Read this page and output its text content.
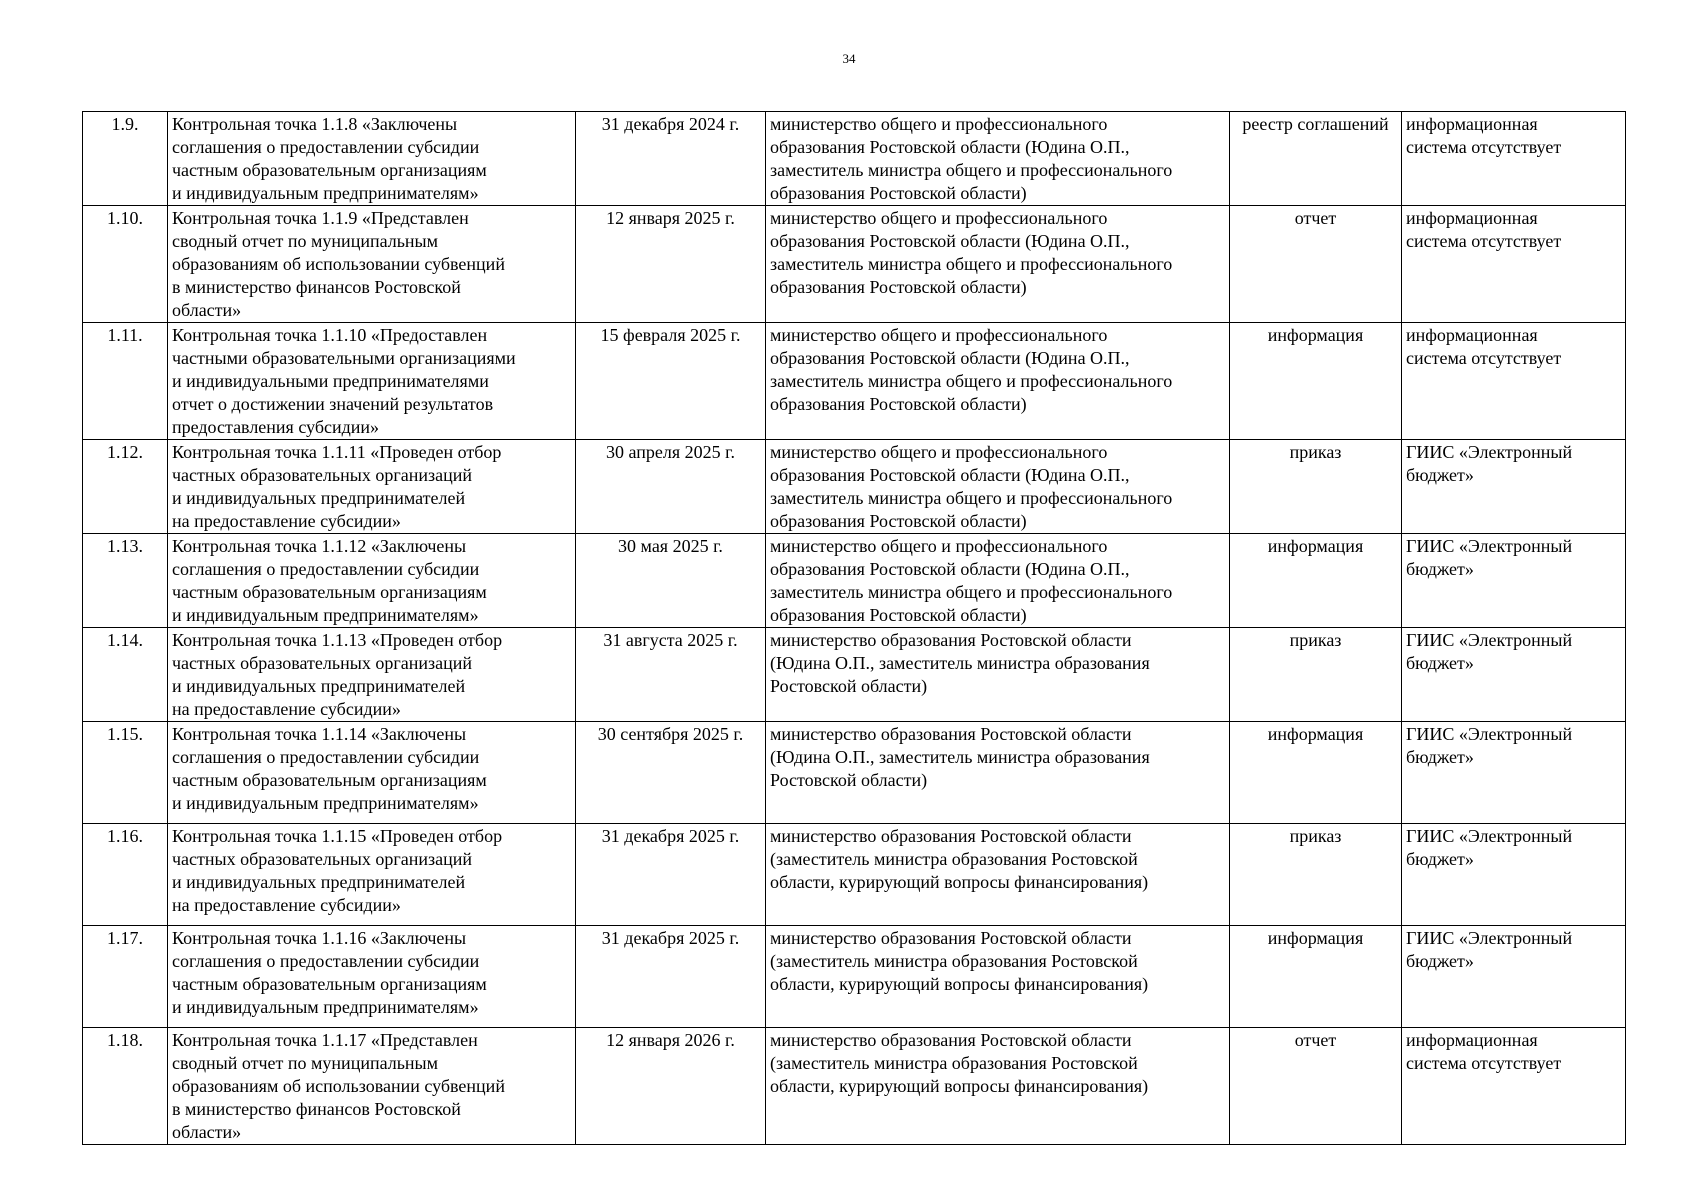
34
1.9.	Контрольная точка 1.1.8 «Заключены
соглашения о предоставлении субсидии
частным образовательным организациям
и индивидуальным предпринимателям»	31 декабря 2024 г.	министерство общего и профессионального
образования Ростовской области (Юдина О.П.,
заместитель министра общего и профессионального
образования Ростовской области)	реестр соглашений	информационная
система отсутствует

1.10.	Контрольная точка 1.1.9 «Представлен
сводный отчет по муниципальным
образованиям об использовании субвенций
в министерство финансов Ростовской
области»	12 января 2025 г.	министерство общего и профессионального
образования Ростовской области (Юдина О.П.,
заместитель министра общего и профессионального
образования Ростовской области)	отчет	информационная
система отсутствует

1.11.	Контрольная точка 1.1.10 «Предоставлен
частными образовательными организациями
и индивидуальными предпринимателями
отчет о достижении значений результатов
предоставления субсидии»	15 февраля 2025 г.	министерство общего и профессионального
образования Ростовской области (Юдина О.П.,
заместитель министра общего и профессионального
образования Ростовской области)	информация	информационная
система отсутствует

1.12.	Контрольная точка 1.1.11 «Проведен отбор
частных образовательных организаций
и индивидуальных предпринимателей
на предоставление субсидии»	30 апреля 2025 г.	министерство общего и профессионального
образования Ростовской области (Юдина О.П.,
заместитель министра общего и профессионального
образования Ростовской области)	приказ	ГИИС «Электронный
бюджет»

1.13.	Контрольная точка 1.1.12 «Заключены
соглашения о предоставлении субсидии
частным образовательным организациям
и индивидуальным предпринимателям»	30 мая 2025 г.	министерство общего и профессионального
образования Ростовской области (Юдина О.П.,
заместитель министра общего и профессионального
образования Ростовской области)	информация	ГИИС «Электронный
бюджет»

1.14.	Контрольная точка 1.1.13 «Проведен отбор
частных образовательных организаций
и индивидуальных предпринимателей
на предоставление субсидии»	31 августа 2025 г.	министерство образования Ростовской области
(Юдина О.П., заместитель министра образования
Ростовской области)	приказ	ГИИС «Электронный
бюджет»

1.15.	Контрольная точка 1.1.14 «Заключены
соглашения о предоставлении субсидии
частным образовательным организациям
и индивидуальным предпринимателям»	30 сентября 2025 г.	министерство образования Ростовской области
(Юдина О.П., заместитель министра образования
Ростовской области)	информация	ГИИС «Электронный
бюджет»

1.16.	Контрольная точка 1.1.15 «Проведен отбор
частных образовательных организаций
и индивидуальных предпринимателей
на предоставление субсидии»	31 декабря 2025 г.	министерство образования Ростовской области
(заместитель министра образования Ростовской
области, курирующий вопросы финансирования)	приказ	ГИИС «Электронный
бюджет»

1.17.	Контрольная точка 1.1.16 «Заключены
соглашения о предоставлении субсидии
частным образовательным организациям
и индивидуальным предпринимателям»	31 декабря 2025 г.	министерство образования Ростовской области
(заместитель министра образования Ростовской
области, курирующий вопросы финансирования)	информация	ГИИС «Электронный
бюджет»

1.18.	Контрольная точка 1.1.17 «Представлен
сводный отчет по муниципальным
образованиям об использовании субвенций
в министерство финансов Ростовской
области»	12 января 2026 г.	министерство образования Ростовской области
(заместитель министра образования Ростовской
области, курирующий вопросы финансирования)	отчет	информационная
система отсутствует
